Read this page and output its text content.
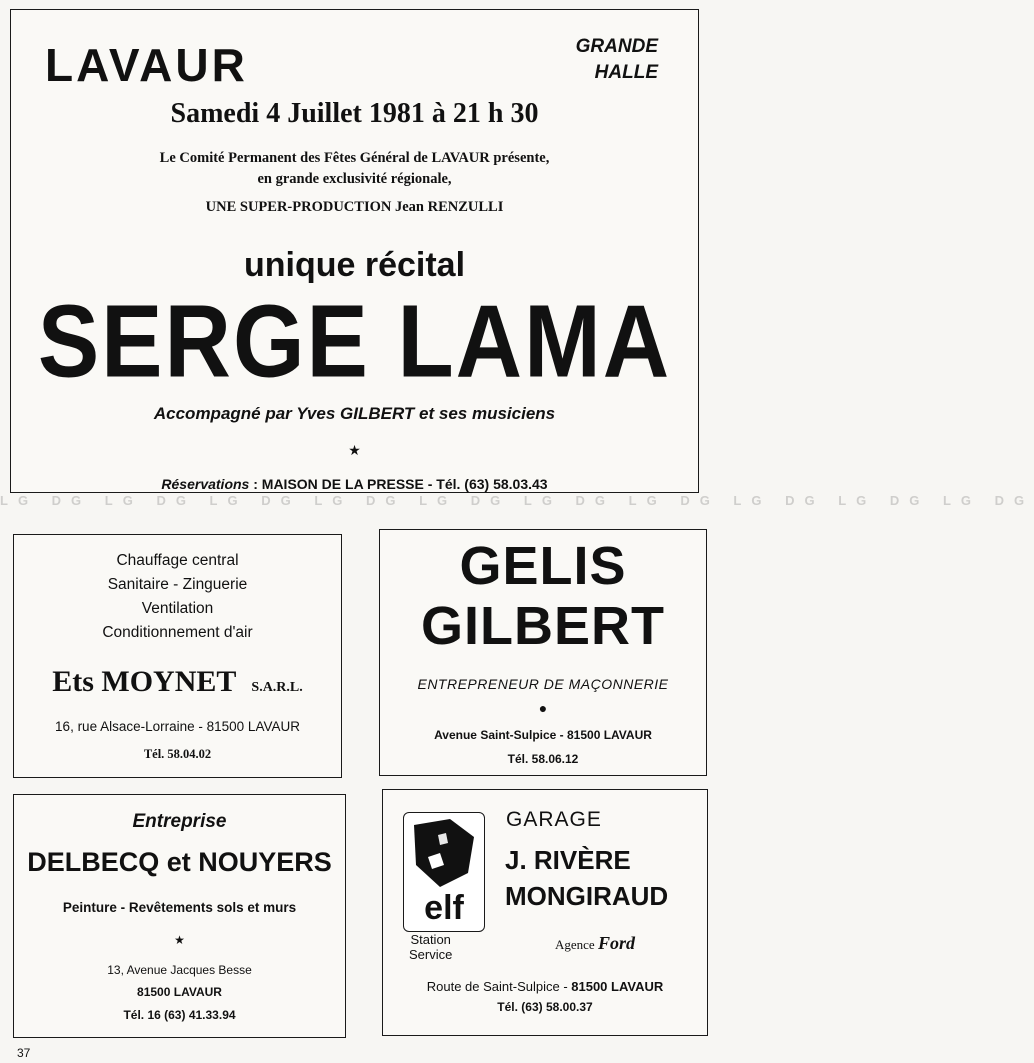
LAVAUR	GRANDE
HALLE
Samedi 4 Juillet 1981 à 21 h 30
Le Comité Permanent des Fêtes Général de LAVAUR présente,
en grande exclusivité régionale,
UNE SUPER-PRODUCTION Jean RENZULLI
unique récital
SERGE LAMA
Accompagné par Yves GILBERT et ses musiciens
★
Réservations : MAISON DE LA PRESSE - Tél. (63) 58.03.43
LG DG LG DG LG DG LG DG LG DG LG DG LG DG LG DG LG DG LG DG
Chauffage central
Sanitaire - Zinguerie
Ventilation
Conditionnement d'air
Ets MOYNET S.A.R.L.
16, rue Alsace-Lorraine - 81500 LAVAUR
Tél. 58.04.02
GELIS
GILBERT
ENTREPRENEUR DE MAÇONNERIE
●
Avenue Saint-Sulpice - 81500 LAVAUR
Tél. 58.06.12
Entreprise
DELBECQ et NOUYERS
Peinture - Revêtements sols et murs
★
13, Avenue Jacques Besse
81500 LAVAUR
Tél. 16 (63) 41.33.94
elf
Station
Service
GARAGE
J. RIVÈRE
MONGIRAUD
Agence Ford
Route de Saint-Sulpice - 81500 LAVAUR
Tél. (63) 58.00.37
37
